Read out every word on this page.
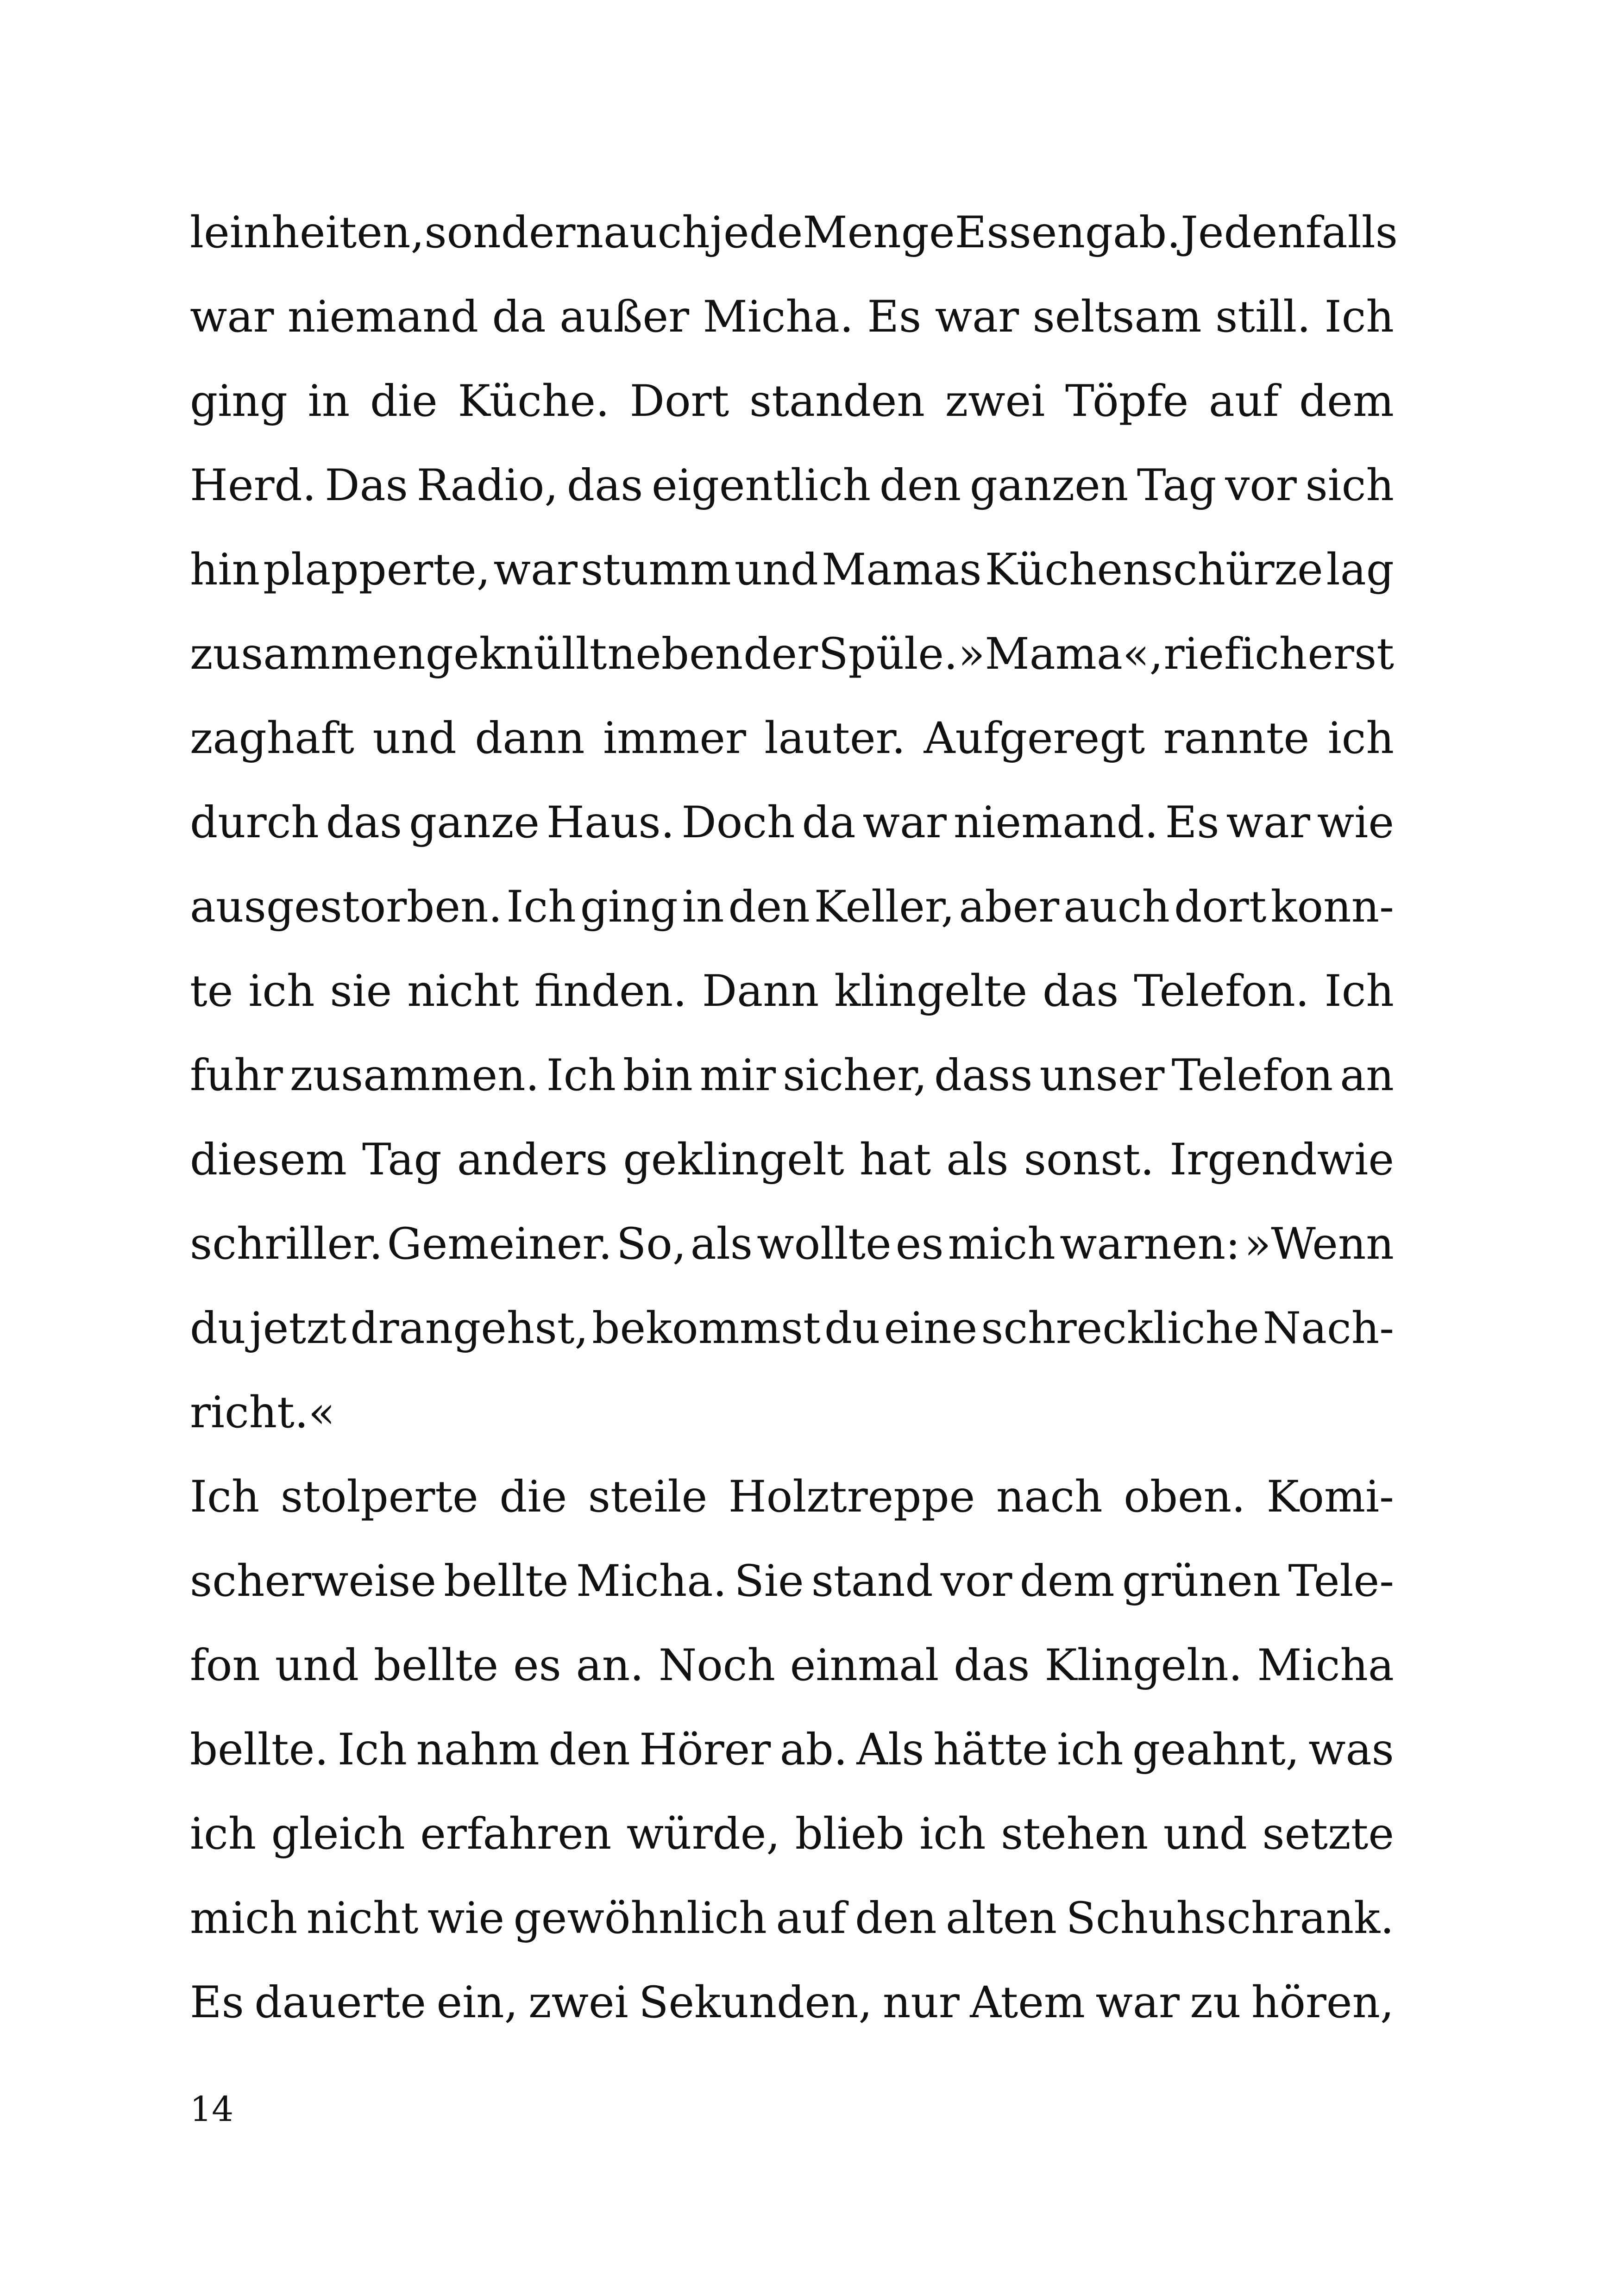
leinheiten, sondern auch jede Menge Essen gab. Jedenfalls
war niemand da außer Micha. Es war seltsam still. Ich
ging in die Küche. Dort standen zwei Töpfe auf dem
Herd. Das Radio, das eigentlich den ganzen Tag vor sich
hin plapperte, war stumm und Mamas Küchenschürze lag
zusammengeknüllt neben der Spüle. »Mama«, rief ich erst
zaghaft und dann immer lauter. Aufgeregt rannte ich
durch das ganze Haus. Doch da war niemand. Es war wie
ausgestorben. Ich ging in den Keller, aber auch dort konn-
te ich sie nicht finden. Dann klingelte das Telefon. Ich
fuhr zusammen. Ich bin mir sicher, dass unser Telefon an
diesem Tag anders geklingelt hat als sonst. Irgendwie
schriller. Gemeiner. So, als wollte es mich warnen: »Wenn
du jetzt drangehst, bekommst du eine schreckliche Nach-
richt.«
Ich stolperte die steile Holztreppe nach oben. Komi-
scherweise bellte Micha. Sie stand vor dem grünen Tele-
fon und bellte es an. Noch einmal das Klingeln. Micha
bellte. Ich nahm den Hörer ab. Als hätte ich geahnt, was
ich gleich erfahren würde, blieb ich stehen und setzte
mich nicht wie gewöhnlich auf den alten Schuhschrank.
Es dauerte ein, zwei Sekunden, nur Atem war zu hören,
14
